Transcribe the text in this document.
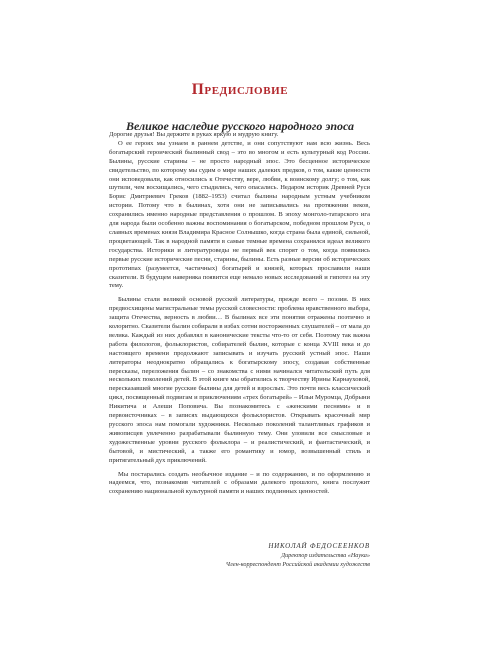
Предисловие
Великое наследие русского народного эпоса

Дорогие друзья! Вы держите в руках яркую и мудрую книгу.

О ее героях мы узнаем в раннем детстве, и они сопутствуют нам всю жизнь. Весь богатырский героический былинный свод – это во многом и есть культурный код России. Былины, русские старины – не просто народный эпос. Это бесценное историческое свидетельство, по которому мы судим о мире наших далеких предков, о том, какие ценности они исповедовали, как относились к Отечеству, вере, любви, к воинскому долгу; о том, как шутили, чем восхищались, чего стыдились, чего опасались. Недаром историк Древней Руси Борис Дмитриевич Греков (1882–1953) считал былины народным устным учебником истории. Потому что в былинах, хотя они не записывались на протяжении веков, сохранились именно народные представления о прошлом. В эпоху монголо-татарского ига для народа были особенно важны воспоминания о богатырском, победном прошлом Руси, о славных временах князя Владимира Красное Солнышко, когда страна была единой, сильной, процветающей. Так в народной памяти в самые темные времена сохранялся идеал великого государства. Историки и литературоведы не первый век спорят о том, когда появились первые русские исторические песни, старины, былины. Есть разные версии об исторических прототипах (разумеется, частичных) богатырей и князей, которых прославили наши сказители. В будущем наверняка появится еще немало новых исследований и гипотез на эту тему.

Былины стали великой основой русской литературы, прежде всего – поэзии. В них предвосхищены магистральные темы русской словесности: проблема нравственного выбора, защита Отечества, верность в любви… В былинах все эти понятия отражены поэтично и колоритно. Сказители былин собирали в избах сотни восторженных слушателей – от мала до велика. Каждый из них добавлял в канонические тексты что-то от себя. Поэтому так важна работа филологов, фольклористов, собирателей былин, которые с конца XVIII века и до настоящего времени продолжают записывать и изучать русский устный эпос. Наши литераторы неоднократно обращались к богатырскому эпосу, создавая собственные пересказы, переложения былин – со знакомства с ними начинался читательский путь для нескольких поколений детей. В этой книге мы обратились к творчеству Ирины Карнауховой, пересказавшей многие русские былины для детей и взрослых. Это почти весь классический цикл, посвященный подвигам и приключениям «трех богатырей» – Ильи Муромца, Добрыни Никитича и Алеши Поповича. Вы познакомитесь с «женскими песнями» и в первоисточниках – в записях выдающихся фольклористов. Открывать красочный мир русского эпоса нам помогали художники. Несколько поколений талантливых графиков и живописцев увлеченно разрабатывали былинную тему. Они уловили все смысловые и художественные уровни русского фольклора – и реалистический, и фантастический, и бытовой, и мистический, а также его романтику и юмор, возвышенный стиль и притягательный дух приключений.

Мы постарались создать необычное издание – и по содержанию, и по оформлению и надеемся, что, познакомив читателей с образами далекого прошлого, книга послужит сохранению национальной культурной памяти и наших подлинных ценностей.

НИКОЛАЙ ФЕДОСЕЕНКОВ
Директор издательства «Наука»
Член-корреспондент Российской академии художеств
